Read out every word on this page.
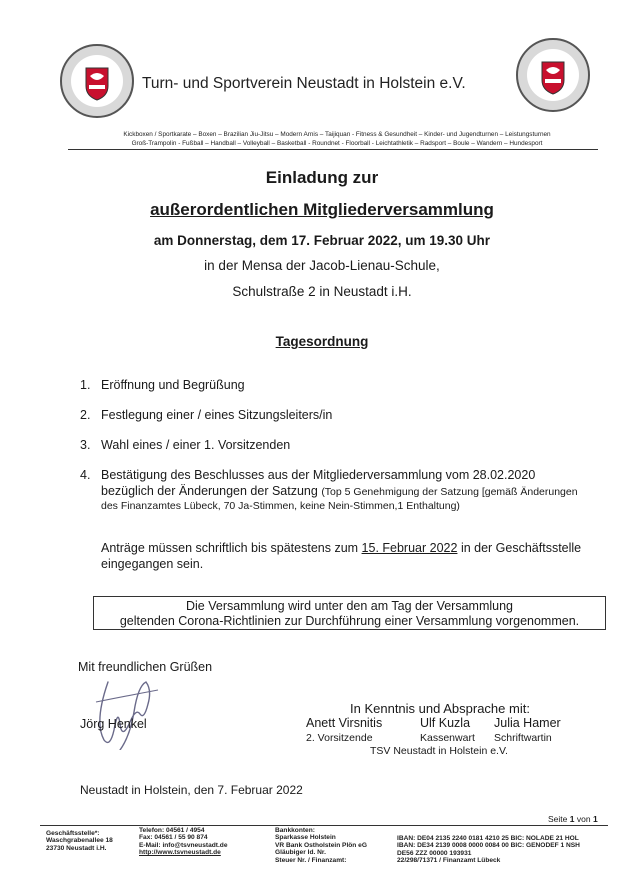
Turn- und Sportverein Neustadt in Holstein e.V.
Kickboxen / Sportkarate – Boxen – Brazilian Jiu-Jitsu – Modern Arnis – Taijiquan - Fitness & Gesundheit – Kinder- und Jugendturnen – Leistungsturnen
Groß-Trampolin - Fußball – Handball – Volleyball – Basketball - Roundnet - Floorball - Leichtathletik – Radsport – Boule – Wandern – Hundesport
Einladung zur
außerordentlichen Mitgliederversammlung
am Donnerstag, dem 17. Februar 2022, um 19.30 Uhr
in der Mensa der Jacob-Lienau-Schule,
Schulstraße 2 in Neustadt i.H.
Tagesordnung
1. Eröffnung und Begrüßung
2. Festlegung einer / eines Sitzungsleiters/in
3. Wahl eines / einer 1. Vorsitzenden
4. Bestätigung des Beschlusses aus der Mitgliederversammlung vom 28.02.2020
bezüglich der Änderungen der Satzung (Top 5 Genehmigung der Satzung [gemäß Änderungen
des Finanzamtes Lübeck, 70 Ja-Stimmen, keine Nein-Stimmen,1 Enthaltung)
Anträge müssen schriftlich bis spätestens zum 15. Februar 2022 in der Geschäftsstelle
eingegangen sein.
Die Versammlung wird unter den am Tag der Versammlung
geltenden Corona-Richtlinien zur Durchführung einer Versammlung vorgenommen.
Mit freundlichen Grüßen
Jörg Henkel
In Kenntnis und Absprache mit:
Anett Virsnitis
2. Vorsitzende
Ulf Kuzla
Kassenwart
Julia Hamer
Schriftwartin
TSV Neustadt in Holstein e.V.
Neustadt in Holstein, den 7. Februar 2022
Seite 1 von 1
Geschäftsstelle*:
Waschgrabenallee 18
23730 Neustadt i.H.
Telefon: 04561 / 4954
Fax: 04561 / 55 90 874
E-Mail: info@tsvneustadt.de
http://www.tsvneustadt.de
Bankkonten:
Sparkasse Holstein
VR Bank Ostholstein Plön eG
Gläubiger Id. Nr.
Steuer Nr. / Finanzamt:
IBAN: DE04 2135 2240 0181 4210 25 BIC: NOLADE 21 HOL
IBAN: DE34 2139 0008 0000 0084 00 BIC: GENODEF 1 NSH
DE56 ZZZ 00000 193931
22/298/71371 / Finanzamt Lübeck
